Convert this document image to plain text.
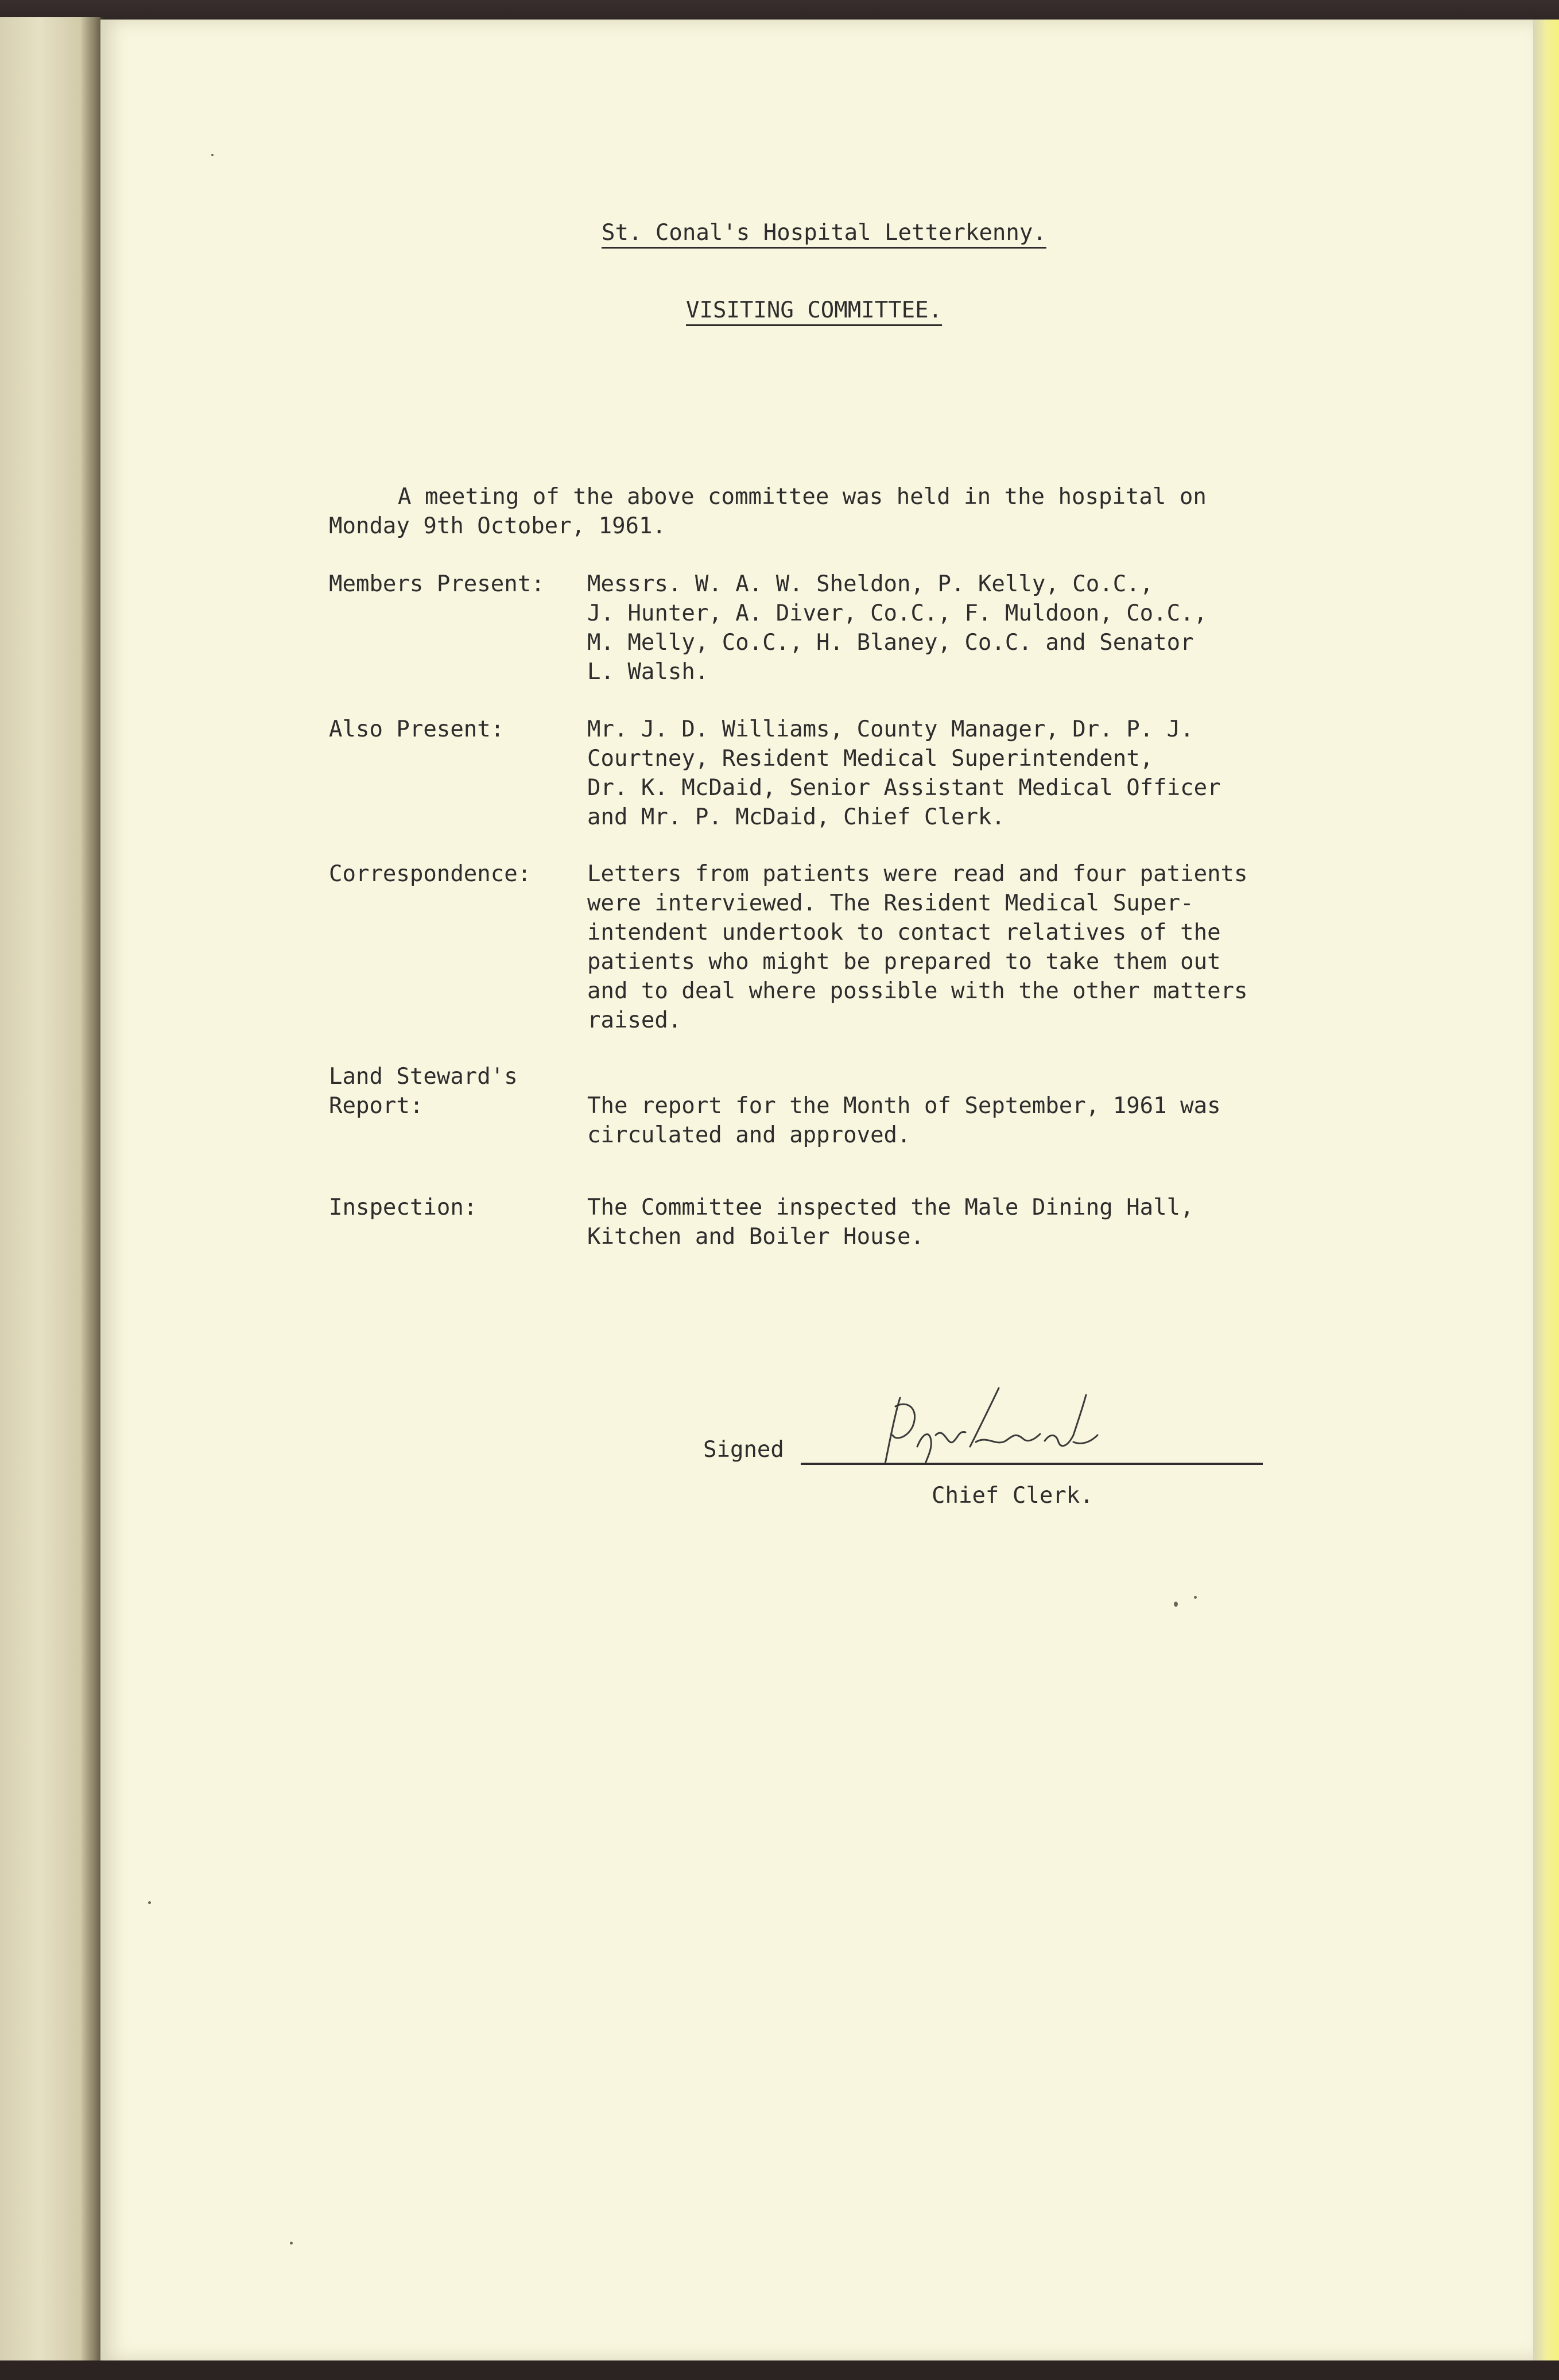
St. Conal's Hospital Letterkenny.
VISITING COMMITTEE.
A meeting of the above committee was held in the hospital on
Monday 9th October, 1961.
Members Present: Messrs. W. A. W. Sheldon, P. Kelly, Co.C.,
J. Hunter, A. Diver, Co.C., F. Muldoon, Co.C.,
M. Melly, Co.C., H. Blaney, Co.C. and Senator
L. Walsh.
Also Present:	Mr. J. D. Williams, County Manager, Dr. P. J.
Courtney, Resident Medical Superintendent,
Dr. K. McDaid, Senior Assistant Medical Officer
and Mr. P. McDaid, Chief Clerk.
Correspondence:	Letters from patients were read and four patients
were interviewed. The Resident Medical Super-
intendent undertook to contact relatives of the
patients who might be prepared to take them out
and to deal where possible with the other matters
raised.
Land Steward's
Report:	The report for the Month of September, 1961 was
circulated and approved.
Inspection:	The Committee inspected the Male Dining Hall,
Kitchen and Boiler House.
Signed
Chief Clerk.
